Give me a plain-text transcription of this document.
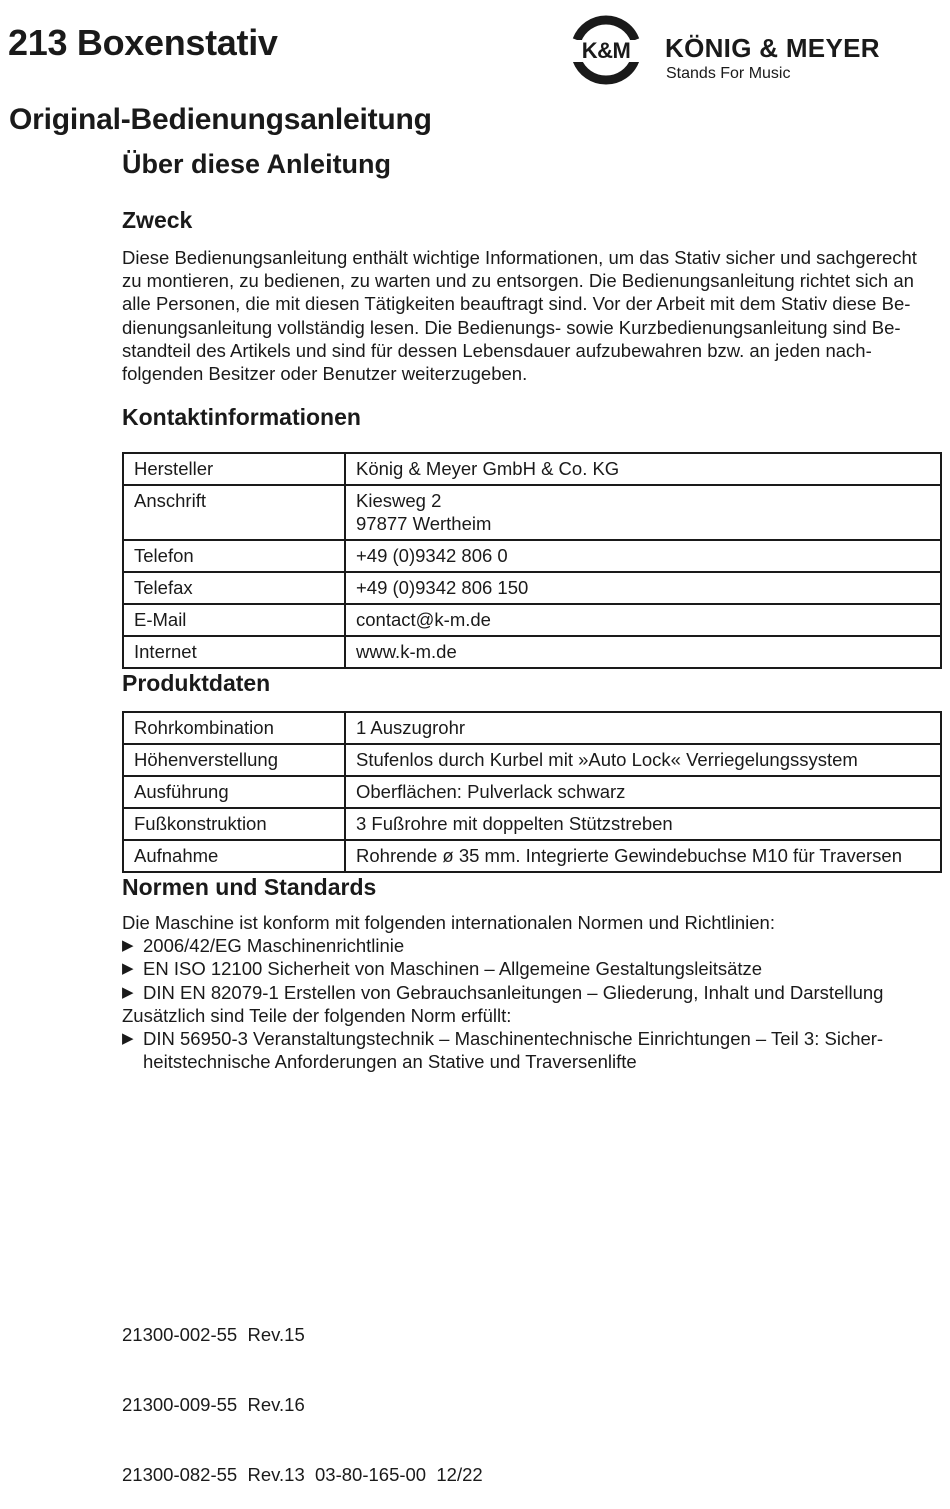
213 Boxenstativ	K&M	KÖNIG & MEYER
Stands For Music
Original-Bedienungsanleitung
Über diese Anleitung
Zweck

Diese Bedienungsanleitung enthält wichtige Informationen, um das Stativ sicher und sachgerecht
zu montieren, zu bedienen, zu warten und zu entsorgen. Die Bedienungsanleitung richtet sich an
alle Personen, die mit diesen Tätigkeiten beauftragt sind. Vor der Arbeit mit dem Stativ diese Be-
dienungsanleitung vollständig lesen. Die Bedienungs- sowie Kurzbedienungsanleitung sind Be-
standteil des Artikels und sind für dessen Lebensdauer aufzubewahren bzw. an jeden nach-
folgenden Besitzer oder Benutzer weiterzugeben.

Kontaktinformationen
Hersteller	König & Meyer GmbH & Co. KG

Anschrift	Kiesweg 2
97877 Wertheim

Telefon	+49 (0)9342 806 0

Telefax	+49 (0)9342 806 150

E-Mail	contact@k-m.de

Internet	www.k-m.de
Produktdaten
Rohrkombination	1 Auszugrohr
Höhenverstellung	Stufenlos durch Kurbel mit »Auto Lock« Verriegelungssystem
Ausführung	Oberflächen: Pulverlack schwarz
Fußkonstruktion	3 Fußrohre mit doppelten Stützstreben
Aufnahme	Rohrende ø 35 mm. Integrierte Gewindebuchse M10 für Traversen
Normen und Standards
Die Maschine ist konform mit folgenden internationalen Normen und Richtlinien:
▶ 2006/42/EG Maschinenrichtlinie
▶ EN ISO 12100 Sicherheit von Maschinen – Allgemeine Gestaltungsleitsätze
▶ DIN EN 82079-1 Erstellen von Gebrauchsanleitungen – Gliederung, Inhalt und Darstellung
Zusätzlich sind Teile der folgenden Norm erfüllt:
▶ DIN 56950-3 Veranstaltungstechnik – Maschinentechnische Einrichtungen – Teil 3: Sicher-
heitstechnische Anforderungen an Stative und Traversenlifte

21300-002-55  Rev.15

21300-009-55  Rev.16

21300-082-55  Rev.13  03-80-165-00  12/22
